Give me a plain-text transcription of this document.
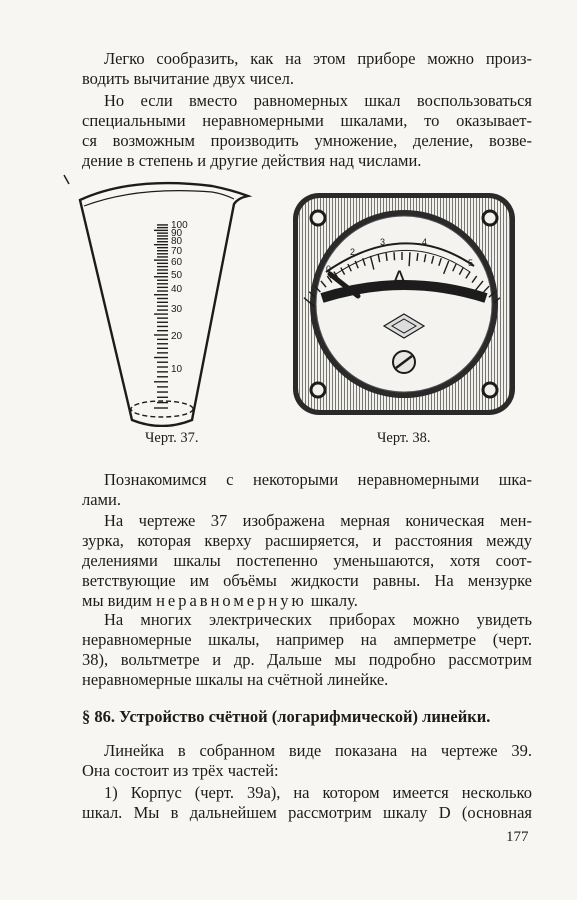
Легко сообразить, как на этом приборе можно произ-
водить вычитание двух чисел.
Но если вместо равномерных шкал воспользоваться
специальными неравномерными шкалами, то оказывает-
ся возможным производить умножение, деление, возве-
дение в степень и другие действия над числами.
100
90
80
70
60
50
40
30
20
10
Черт. 37.
0
2
3	4
5
A
Черт. 38.
Познакомимся с некоторыми неравномерными шка-
лами.
На чертеже 37 изображена мерная коническая мен-
зурка, которая кверху расширяется, и расстояния между
делениями шкалы постепенно уменьшаются, хотя соот-
ветствующие им объёмы жидкости равны. На мензурке
мы видим неравномерную шкалу.
На многих электрических приборах можно увидеть
неравномерные шкалы, например на амперметре (черт.
38), вольтметре и др. Дальше мы подробно рассмотрим
неравномерные шкалы на счётной линейке.
§ 86. Устройство счётной (логарифмической) линейки.
Линейка в собранном виде показана на чертеже 39.
Она состоит из трёх частей:
1) Корпус (черт. 39а), на котором имеется несколько
шкал. Мы в дальнейшем рассмотрим шкалу D (основная
177
